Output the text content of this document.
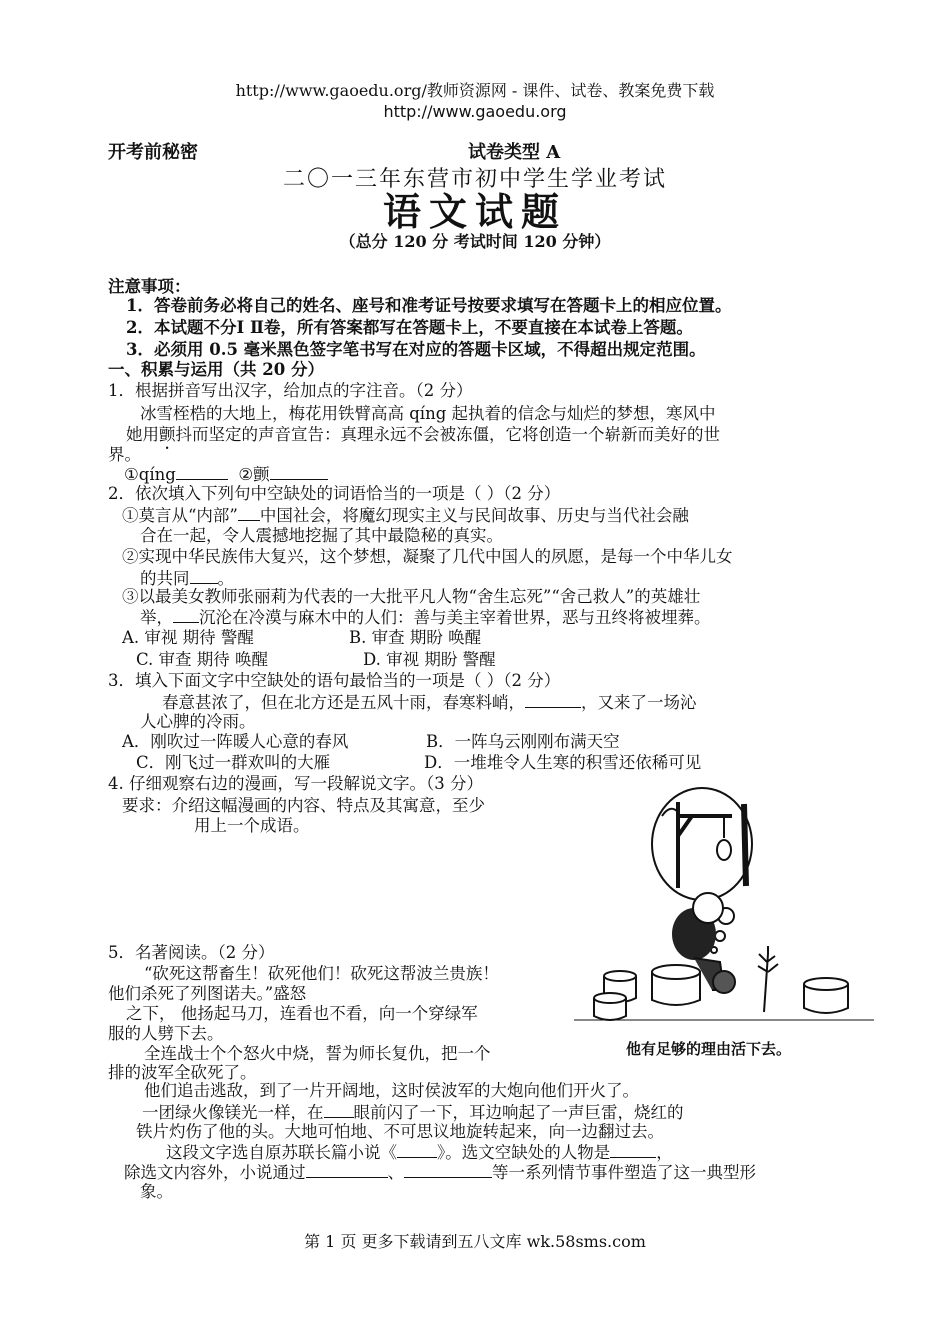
http://www.gaoedu.org/教师资源网 - 课件、试卷、教案免费下载
http://www.gaoedu.org
开考前秘密	试卷类型 A
二〇一三年东营市初中学生学业考试
语文试题
（总分 120 分 考试时间 120 分钟）
注意事项：
1．答卷前务必将自己的姓名、座号和准考证号按要求填写在答题卡上的相应位置。
2．本试题不分Ⅰ Ⅱ卷，所有答案都写在答题卡上，不要直接在本试卷上答题。
3．必须用 0.5 毫米黑色签字笔书写在对应的答题卡区域，不得超出规定范围。
一、积累与运用（共 20 分）
1．根据拼音写出汉字，给加点的字注音。（2 分）
冰雪桎梏的大地上，梅花用铁臂高高 qíng 起执着的信念与灿烂的梦想，寒风中
她用颤抖而坚定的声音宣告：真理永远不会被冻僵，它将创造一个崭新而美好的世
界。
①qíng	②颤
2．依次填入下列句中空缺处的词语恰当的一项是（ ）（2 分）
①莫言从“内部” 中国社会，将魔幻现实主义与民间故事、历史与当代社会融
合在一起，令人震撼地挖掘了其中最隐秘的真实。
②实现中华民族伟大复兴，这个梦想，凝聚了几代中国人的夙愿，是每一个中华儿女
的共同 。
③以最美女教师张丽莉为代表的一大批平凡人物“舍生忘死”“舍己救人”的英雄壮
举， 沉沦在冷漠与麻木中的人们：善与美主宰着世界，恶与丑终将被埋葬。
A. 审视 期待 警醒	B. 审查 期盼 唤醒
C. 审查 期待 唤醒	D. 审视 期盼 警醒
3．填入下面文字中空缺处的语句最恰当的一项是（ ）（2 分）
春意甚浓了，但在北方还是五风十雨，春寒料峭，	，又来了一场沁
人心脾的冷雨。
A．刚吹过一阵暖人心意的春风	B．一阵乌云刚刚布满天空
C．刚飞过一群欢叫的大雁	D．一堆堆令人生寒的积雪还依稀可见
4. 仔细观察右边的漫画，写一段解说文字。（3 分）
要求：介绍这幅漫画的内容、特点及其寓意，至少
用上一个成语。
他有足够的理由活下去。
5．名著阅读。（2 分）
“砍死这帮畜生！砍死他们！砍死这帮波兰贵族！
他们杀死了列图诺夫。”盛怒
之下， 他扬起马刀，连看也不看，向一个穿绿军
服的人劈下去。
全连战士个个怒火中烧，誓为师长复仇，把一个
排的波军全砍死了。
他们追击逃敌，到了一片开阔地，这时侯波军的大炮向他们开火了。
一团绿火像镁光一样，在 眼前闪了一下，耳边响起了一声巨雷，烧红的
铁片灼伤了他的头。大地可怕地、不可思议地旋转起来，向一边翻过去。
这段文字选自原苏联长篇小说《 》。选文空缺处的人物是	，
除选文内容外，小说通过	、	等一系列情节事件塑造了这一典型形
象。
第 1 页 更多下载请到五八文库 wk.58sms.com
